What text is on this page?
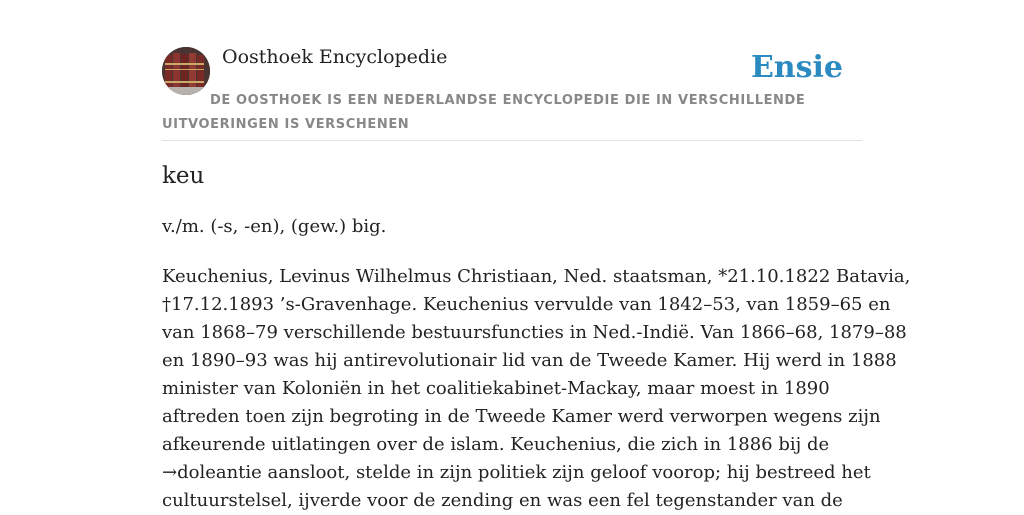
Oosthoek Encyclopedie	Ensie
DE OOSTHOEK IS EEN NEDERLANDSE ENCYCLOPEDIE DIE IN VERSCHILLENDE UITVOERINGEN IS VERSCHENEN
keu

v./m. (-s, -en), (gew.) big.

Keuchenius, Levinus Wilhelmus Christiaan, Ned. staatsman, *21.10.1822 Batavia,
†17.12.1893 ’s-Gravenhage. Keuchenius vervulde van 1842–53, van 1859–65 en
van 1868–79 verschillende bestuursfuncties in Ned.-Indië. Van 1866–68, 1879–88
en 1890–93 was hij antirevolutionair lid van de Tweede Kamer. Hij werd in 1888
minister van Koloniën in het coalitiekabinet-Mackay, maar moest in 1890
aftreden toen zijn begroting in de Tweede Kamer werd verworpen wegens zijn
afkeurende uitlatingen over de islam. Keuchenius, die zich in 1886 bij de
→doleantie aansloot, stelde in zijn politiek zijn geloof voorop; hij bestreed het
cultuurstelsel, ijverde voor de zending en was een fel tegenstander van de
